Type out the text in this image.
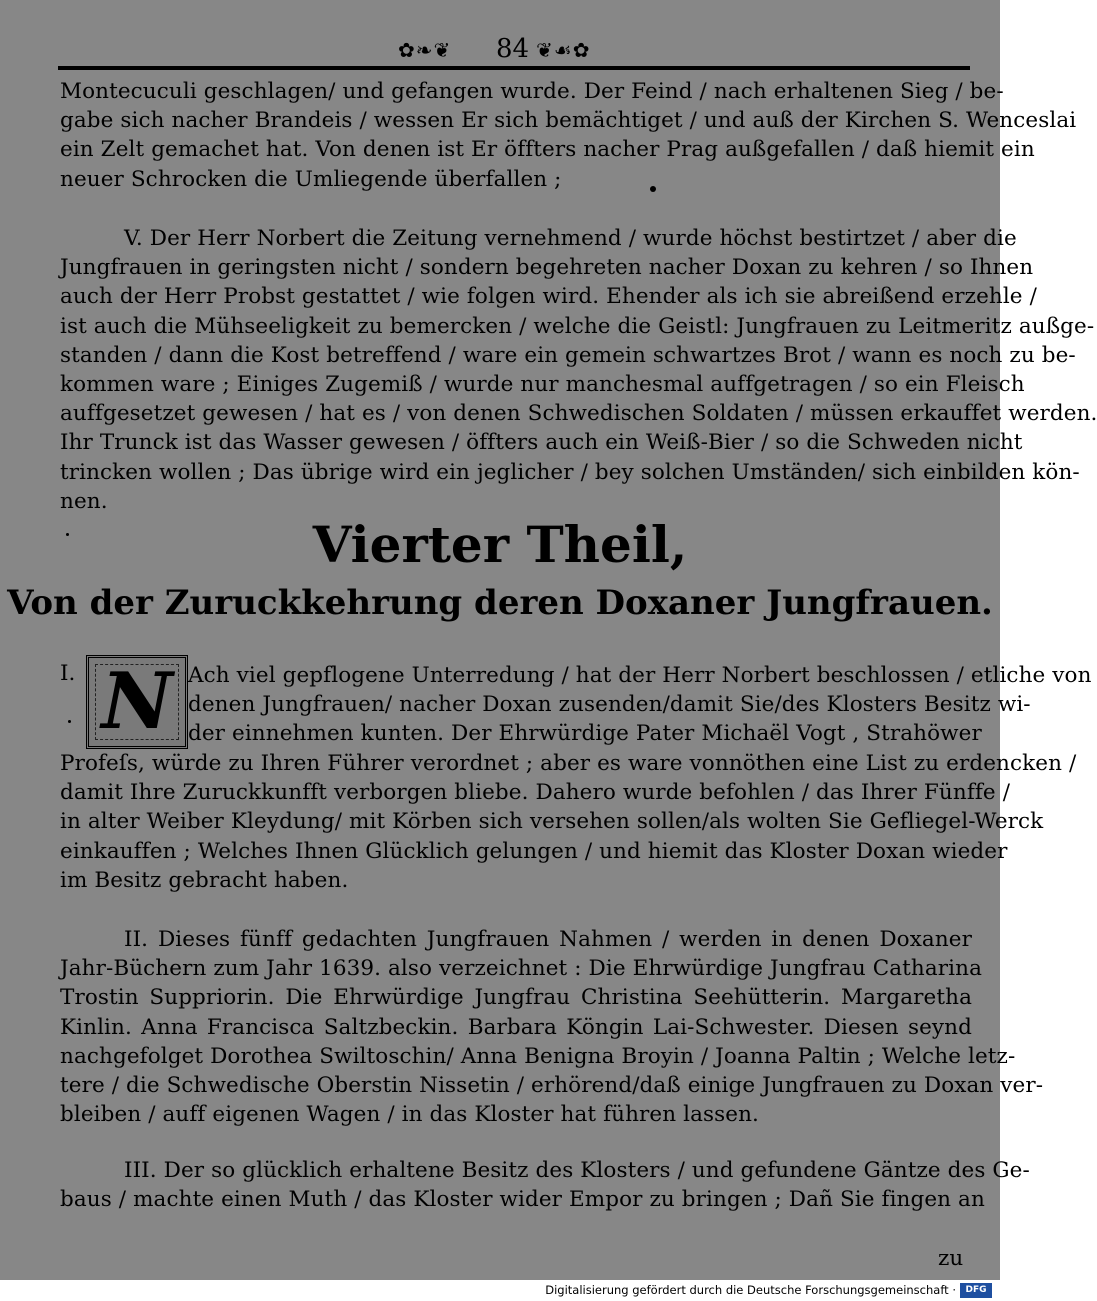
✿❧❦ 84 ❦☙✿
Montecuculi geschlagen/ und gefangen wurde. Der Feind / nach erhaltenen Sieg / be-
gabe sich nacher Brandeis / wessen Er sich bemächtiget / und auß der Kirchen S. Wenceslai
ein Zelt gemachet hat. Von denen ist Er öffters nacher Prag außgefallen / daß hiemit ein
neuer Schrocken die Umliegende überfallen ;
V. Der Herr Norbert die Zeitung vernehmend / wurde höchst bestirtzet / aber die
Jungfrauen in geringsten nicht / sondern begehreten nacher Doxan zu kehren / so Ihnen
auch der Herr Probst gestattet / wie folgen wird. Ehender als ich sie abreißend erzehle /
ist auch die Mühseeligkeit zu bemercken / welche die Geistl: Jungfrauen zu Leitmeritz außge-
standen / dann die Kost betreffend / ware ein gemein schwartzes Brot / wann es noch zu be-
kommen ware ; Einiges Zugemiß / wurde nur manchesmal auffgetragen / so ein Fleisch
auffgesetzet gewesen / hat es / von denen Schwedischen Soldaten / müssen erkauffet werden.
Ihr Trunck ist das Wasser gewesen / öffters auch ein Weiß-Bier / so die Schweden nicht
trincken wollen ; Das übrige wird ein jeglicher / bey solchen Umständen/ sich einbilden kön-
nen.
Vierter Theil,
Von der Zuruckkehrung deren Doxaner Jungfrauen.
I. N Ach viel gepflogene Unterredung / hat der Herr Norbert beschlossen / etliche von
denen Jungfrauen/ nacher Doxan zusenden/damit Sie/des Klosters Besitz wi-
der einnehmen kunten. Der Ehrwürdige Pater Michaël Vogt , Strahöwer
Profeſs, würde zu Ihren Führer verordnet ; aber es ware vonnöthen eine List zu erdencken /
damit Ihre Zuruckkunfft verborgen bliebe. Dahero wurde befohlen / das Ihrer Fünffe /
in alter Weiber Kleydung/ mit Körben sich versehen sollen/als wolten Sie Gefliegel-Werck
einkauffen ; Welches Ihnen Glücklich gelungen / und hiemit das Kloster Doxan wieder
im Besitz gebracht haben.
II. Dieses fünff gedachten Jungfrauen Nahmen / werden in denen Doxaner
Jahr-Büchern zum Jahr 1639. also verzeichnet : Die Ehrwürdige Jungfrau Catharina
Trostin Suppriorin. Die Ehrwürdige Jungfrau Christina Seehütterin. Margaretha
Kinlin. Anna Francisca Saltzbeckin. Barbara Köngin Lai-Schwester. Diesen seynd
nachgefolget Dorothea Swiltoschin/ Anna Benigna Broyin / Joanna Paltin ; Welche letz-
tere / die Schwedische Oberstin Nissetin / erhörend/daß einige Jungfrauen zu Doxan ver-
bleiben / auff eigenen Wagen / in das Kloster hat führen lassen.
III. Der so glücklich erhaltene Besitz des Klosters / und gefundene Gäntze des Ge-
baus / machte einen Muth / das Kloster wider Empor zu bringen ; Dañ Sie fingen an
zu
Digitalisierung gefördert durch die Deutsche Forschungsgemeinschaft ·	DFG
